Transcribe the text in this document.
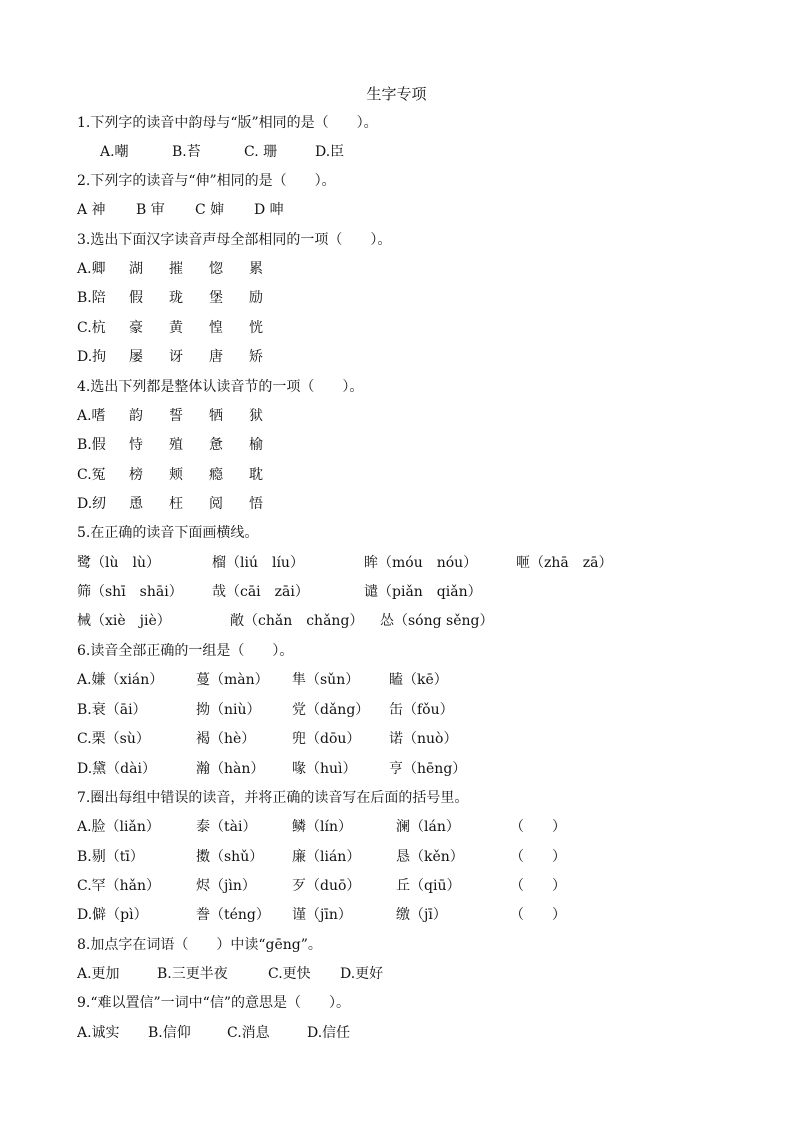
生字专项
1.下列字的读音中韵母与“版”相同的是（　　）。
A.嘲	B.苔	C. 珊	D.臣
2.下列字的读音与“伸”相同的是（　　）。
A 神 B 审 C 婶 D 呻
3.选出下面汉字读音声母全部相同的一项（　　）。
A.卿 湖 摧 惚 累
B.陪 假 珑 堡 励
C.杭 豪 黄 惶 恍
D.拘 屡 讶 唐 矫
4.选出下列都是整体认读音节的一项（　　）。
A.嗜 韵 誓 牺 狱
B.假 恃 殖 惫 榆
C.冤 榜 颊 瘾 耽
D.纫 恿 枉 阅 悟
5.在正确的读音下面画横线。
鹭（lù　lù）	榴（liú　líu）	眸（móu　nóu）	咂（zhā　zā）
筛（shī　shāi） 哉（cāi　zāi）	谴（piǎn　qiǎn）
械（xiè　jiè）	敞（chǎn　chǎng） 怂（sóng sěng）
6.读音全部正确的一组是（　　）。
A.嫌（xián） 蔓（màn） 隼（sǔn） 瞌（kē）
B.衰（āi）	拗（niù） 党（dǎng） 缶（fǒu）
C.栗（sù）	褐（hè）	兜（dōu） 诺（nuò）
D.黛（dài）	瀚（hàn） 喙（huì） 亨（hēng）
7.圈出每组中错误的读音，并将正确的读音写在后面的括号里。
A.脸（liǎn）	泰（tài）	鳞（lín）	澜（lán）	（　　）
B.剔（tī）	擞（shǔ） 廉（lián）	恳（kěn）	（　　）
C.罕（hǎn）	烬（jìn）	歹（duō）	丘（qiū）	（　　）
D.僻（pì）	誊（téng） 谨（jīn）	缴（jī）	（　　）
8.加点字在词语（　　）中读“gēng”。
A.更加	B.三更半夜	C.更快 D.更好
9.“难以置信”一词中“信”的意思是（　　）。
A.诚实 B.信仰	C.消息	D.信任
